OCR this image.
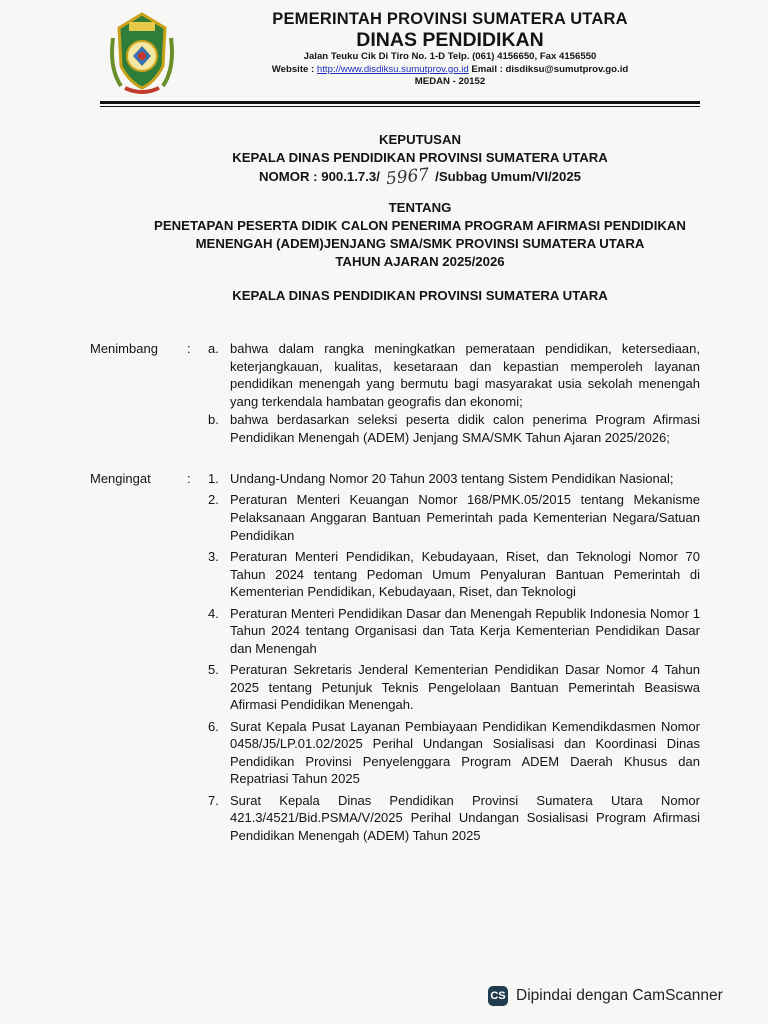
PEMERINTAH PROVINSI SUMATERA UTARA
DINAS PENDIDIKAN
Jalan Teuku Cik Di Tiro No. 1-D Telp. (061) 4156650, Fax 4156550
Website : http://www.disdiksu.sumutprov.go.id Email : disdiksu@sumutprov.go.id
MEDAN - 20152
KEPUTUSAN
KEPALA DINAS PENDIDIKAN PROVINSI SUMATERA UTARA
NOMOR : 900.1.7.3/ 5967 /Subbag Umum/VI/2025
TENTANG
PENETAPAN PESERTA DIDIK CALON PENERIMA PROGRAM AFIRMASI PENDIDIKAN
MENENGAH (ADEM)JENJANG SMA/SMK PROVINSI SUMATERA UTARA
TAHUN AJARAN 2025/2026
KEPALA DINAS PENDIDIKAN PROVINSI SUMATERA UTARA
Menimbang : a. bahwa dalam rangka meningkatkan pemerataan pendidikan, ketersediaan, keterjangkauan, kualitas, kesetaraan dan kepastian memperoleh layanan pendidikan menengah yang bermutu bagi masyarakat usia sekolah menengah yang terkendala hambatan geografis dan ekonomi;
b. bahwa berdasarkan seleksi peserta didik calon penerima Program Afirmasi Pendidikan Menengah (ADEM) Jenjang SMA/SMK Tahun Ajaran 2025/2026;
Mengingat	: 1. Undang-Undang Nomor 20 Tahun 2003 tentang Sistem Pendidikan Nasional;
2. Peraturan Menteri Keuangan Nomor 168/PMK.05/2015 tentang Mekanisme Pelaksanaan Anggaran Bantuan Pemerintah pada Kementerian Negara/Satuan Pendidikan
3. Peraturan Menteri Pendidikan, Kebudayaan, Riset, dan Teknologi Nomor 70 Tahun 2024 tentang Pedoman Umum Penyaluran Bantuan Pemerintah di Kementerian Pendidikan, Kebudayaan, Riset, dan Teknologi
4. Peraturan Menteri Pendidikan Dasar dan Menengah Republik Indonesia Nomor 1 Tahun 2024 tentang Organisasi dan Tata Kerja Kementerian Pendidikan Dasar dan Menengah
5. Peraturan Sekretaris Jenderal Kementerian Pendidikan Dasar Nomor 4 Tahun 2025 tentang Petunjuk Teknis Pengelolaan Bantuan Pemerintah Beasiswa Afirmasi Pendidikan Menengah.
6. Surat Kepala Pusat Layanan Pembiayaan Pendidikan Kemendikdasmen Nomor 0458/J5/LP.01.02/2025 Perihal Undangan Sosialisasi dan Koordinasi Dinas Pendidikan Provinsi Penyelenggara Program ADEM Daerah Khusus dan Repatriasi Tahun 2025
7. Surat Kepala Dinas Pendidikan Provinsi Sumatera Utara Nomor 421.3/4521/Bid.PSMA/V/2025 Perihal Undangan Sosialisasi Program Afirmasi Pendidikan Menengah (ADEM) Tahun 2025
CS Dipindai dengan CamScanner
